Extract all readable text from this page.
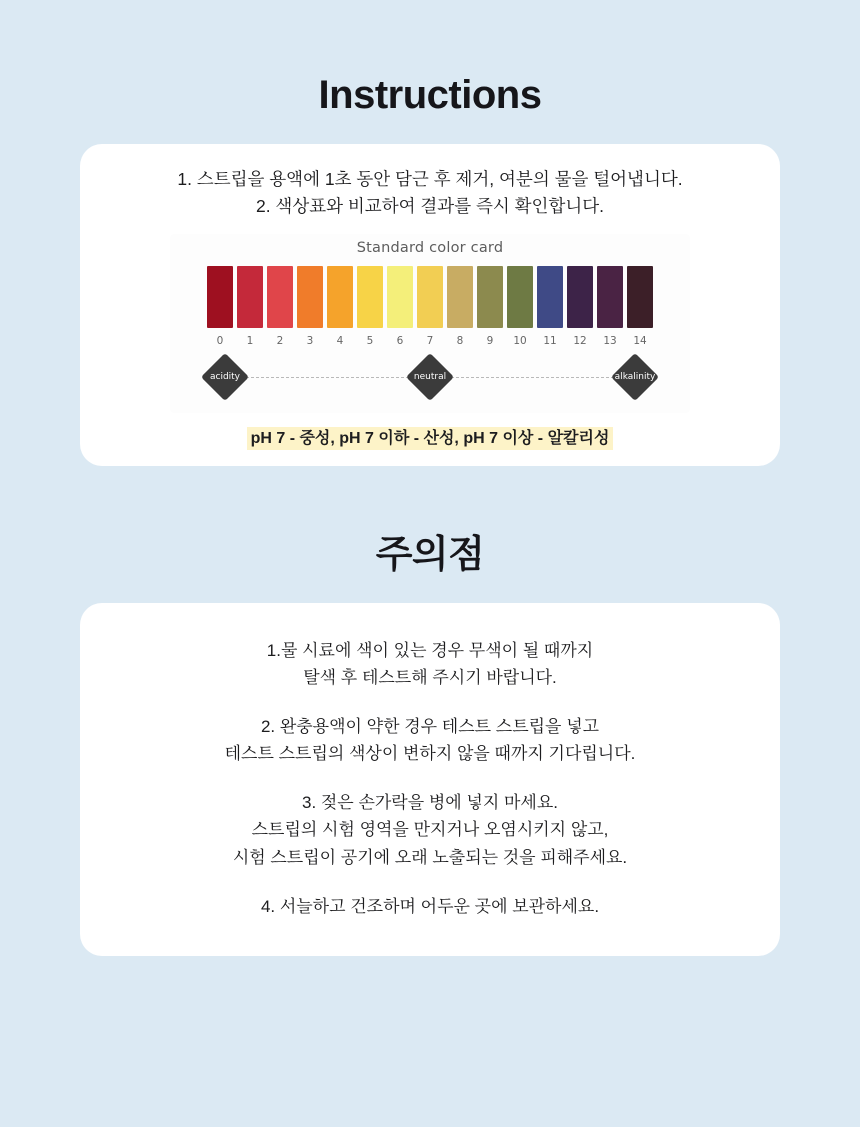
Instructions
1. 스트립을 용액에 1초 동안 담근 후 제거, 여분의 물을 털어냅니다.
2. 색상표와 비교하여 결과를 즉시 확인합니다.
Standard color card
0	1	2	3	4	5	6	7	8	9	10	11	12	13	14
acidity	neutral	alkalinity
pH 7 - 중성, pH 7 이하 - 산성, pH 7 이상 - 알칼리성
주의점
1.물 시료에 색이 있는 경우 무색이 될 때까지
탈색 후 테스트해 주시기 바랍니다.
2. 완충용액이 약한 경우 테스트 스트립을 넣고
테스트 스트립의 색상이 변하지 않을 때까지 기다립니다.
3. 젖은 손가락을 병에 넣지 마세요.
스트립의 시험 영역을 만지거나 오염시키지 않고,
시험 스트립이 공기에 오래 노출되는 것을 피해주세요.
4. 서늘하고 건조하며 어두운 곳에 보관하세요.
